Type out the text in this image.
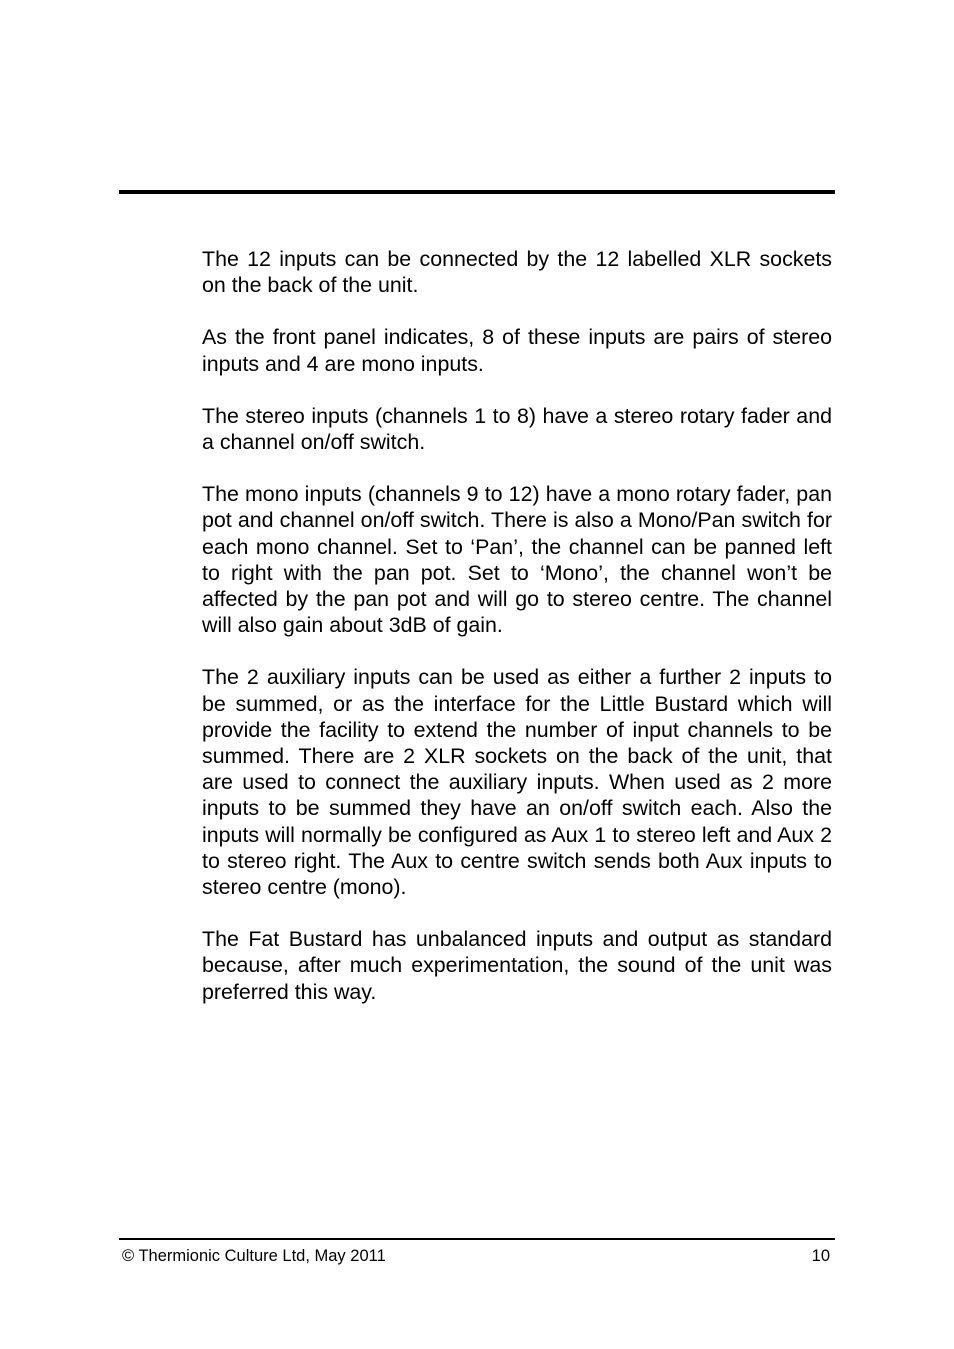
The 12 inputs can be connected by the 12 labelled XLR sockets on the back of the unit.

As the front panel indicates, 8 of these inputs are pairs of stereo inputs and 4 are mono inputs.

The stereo inputs (channels 1 to 8) have a stereo rotary fader and a channel on/off switch.

The mono inputs (channels 9 to 12) have a mono rotary fader, pan pot and channel on/off switch. There is also a Mono/Pan switch for each mono channel. Set to ‘Pan’, the channel can be panned left to right with the pan pot. Set to ‘Mono’, the channel won’t be affected by the pan pot and will go to stereo centre. The channel will also gain about 3dB of gain.

The 2 auxiliary inputs can be used as either a further 2 inputs to be summed, or as the interface for the Little Bustard which will provide the facility to extend the number of input channels to be summed. There are 2 XLR sockets on the back of the unit, that are used to connect the auxiliary inputs. When used as 2 more inputs to be summed they have an on/off switch each. Also the inputs will normally be configured as Aux 1 to stereo left and Aux 2 to stereo right. The Aux to centre switch sends both Aux inputs to stereo centre (mono).

The Fat Bustard has unbalanced inputs and output as standard because, after much experimentation, the sound of the unit was preferred this way.

© Thermionic Culture Ltd, May 2011	10
